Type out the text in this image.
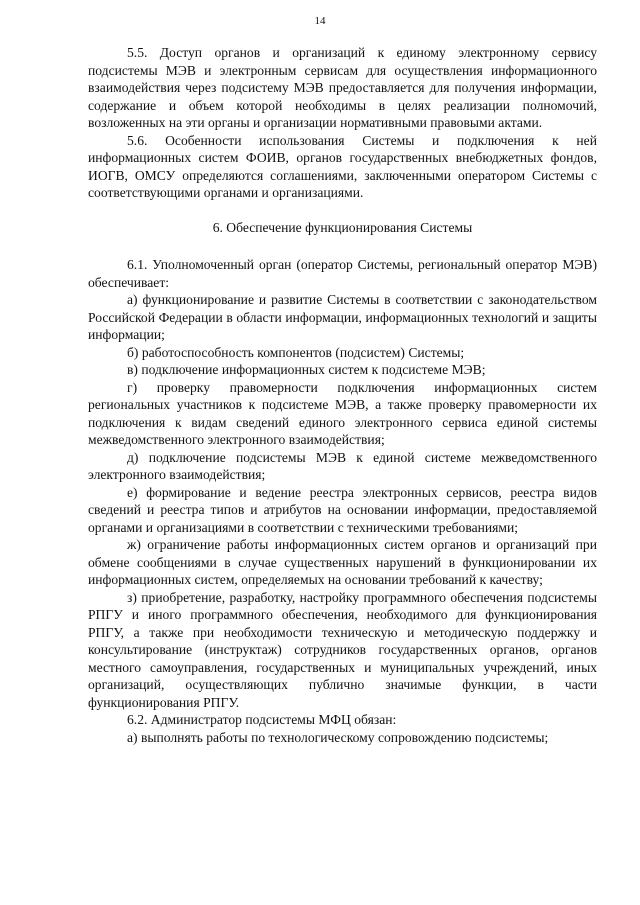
14

5.5. Доступ органов и организаций к единому электронному сервису подсистемы МЭВ и электронным сервисам для осуществления информационного взаимодействия через подсистему МЭВ предоставляется для получения информации, содержание и объем которой необходимы в целях реализации полномочий, возложенных на эти органы и организации нормативными правовыми актами.

5.6. Особенности использования Системы и подключения к ней информационных систем ФОИВ, органов государственных внебюджетных фондов, ИОГВ, ОМСУ определяются соглашениями, заключенными оператором Системы с соответствующими органами и организациями.

6. Обеспечение функционирования Системы

6.1. Уполномоченный орган (оператор Системы, региональный оператор МЭВ) обеспечивает:

а) функционирование и развитие Системы в соответствии с законодательством Российской Федерации в области информации, информационных технологий и защиты информации;

б) работоспособность компонентов (подсистем) Системы;

в) подключение информационных систем к подсистеме МЭВ;

г) проверку правомерности подключения информационных систем региональных участников к подсистеме МЭВ, а также проверку правомерности их подключения к видам сведений единого электронного сервиса единой системы межведомственного электронного взаимодействия;

д) подключение подсистемы МЭВ к единой системе межведомственного электронного взаимодействия;

е) формирование и ведение реестра электронных сервисов, реестра видов сведений и реестра типов и атрибутов на основании информации, предоставляемой органами и организациями в соответствии с техническими требованиями;

ж) ограничение работы информационных систем органов и организаций при обмене сообщениями в случае существенных нарушений в функционировании их информационных систем, определяемых на основании требований к качеству;

з) приобретение, разработку, настройку программного обеспечения подсистемы РПГУ и иного программного обеспечения, необходимого для функционирования РПГУ, а также при необходимости техническую и методическую поддержку и консультирование (инструктаж) сотрудников государственных органов, органов местного самоуправления, государственных и муниципальных учреждений, иных организаций, осуществляющих публично значимые функции, в части функционирования РПГУ.

6.2. Администратор подсистемы МФЦ обязан:

а) выполнять работы по технологическому сопровождению подсистемы;
